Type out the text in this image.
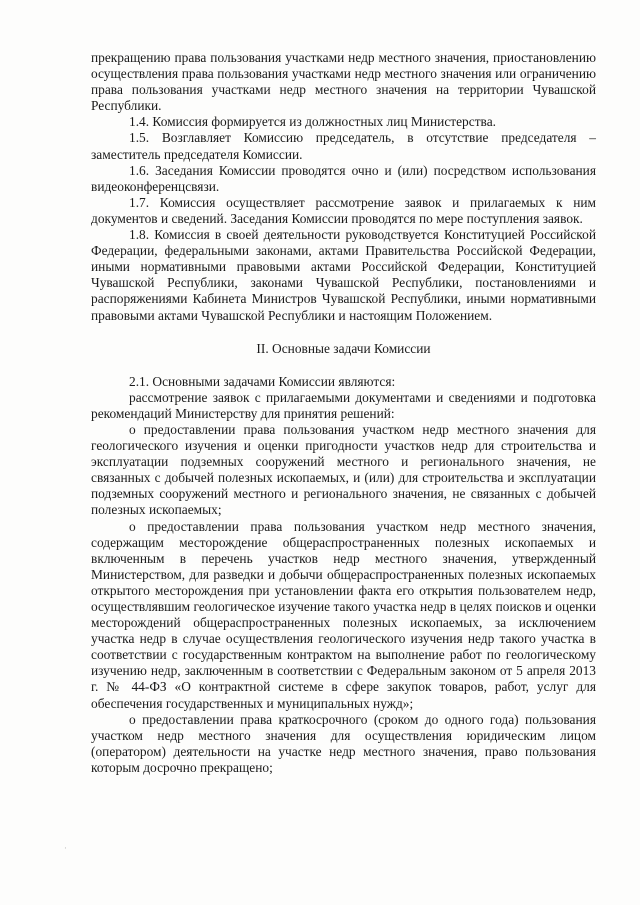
прекращению права пользования участками недр местного значения, приостановлению осуществления права пользования участками недр местного значения или ограничению права пользования участками недр местного значения на территории Чувашской Республики.

1.4. Комиссия формируется из должностных лиц Министерства.

1.5. Возглавляет Комиссию председатель, в отсутствие председателя – заместитель председателя Комиссии.

1.6. Заседания Комиссии проводятся очно и (или) посредством использования видеоконференцсвязи.

1.7. Комиссия осуществляет рассмотрение заявок и прилагаемых к ним документов и сведений. Заседания Комиссии проводятся по мере поступления заявок.

1.8. Комиссия в своей деятельности руководствуется Конституцией Российской Федерации, федеральными законами, актами Правительства Российской Федерации, иными нормативными правовыми актами Российской Федерации, Конституцией Чувашской Республики, законами Чувашской Республики, постановлениями и распоряжениями Кабинета Министров Чувашской Республики, иными нормативными правовыми актами Чувашской Республики и настоящим Положением.

II. Основные задачи Комиссии

2.1. Основными задачами Комиссии являются:

рассмотрение заявок с прилагаемыми документами и сведениями и подготовка рекомендаций Министерству для принятия решений:

о предоставлении права пользования участком недр местного значения для геологического изучения и оценки пригодности участков недр для строительства и эксплуатации подземных сооружений местного и регионального значения, не связанных с добычей полезных ископаемых, и (или) для строительства и эксплуатации подземных сооружений местного и регионального значения, не связанных с добычей полезных ископаемых;

о предоставлении права пользования участком недр местного значения, содержащим месторождение общераспространенных полезных ископаемых и включенным в перечень участков недр местного значения, утвержденный Министерством, для разведки и добычи общераспространенных полезных ископаемых открытого месторождения при установлении факта его открытия пользователем недр, осуществлявшим геологическое изучение такого участка недр в целях поисков и оценки месторождений общераспространенных полезных ископаемых, за исключением участка недр в случае осуществления геологического изучения недр такого участка в соответствии с государственным контрактом на выполнение работ по геологическому изучению недр, заключенным в соответствии с Федеральным законом от 5 апреля 2013 г. № 44-ФЗ «О контрактной системе в сфере закупок товаров, работ, услуг для обеспечения государственных и муниципальных нужд»;

о предоставлении права краткосрочного (сроком до одного года) пользования участком недр местного значения для осуществления юридическим лицом (оператором) деятельности на участке недр местного значения, право пользования которым досрочно прекращено;

·
